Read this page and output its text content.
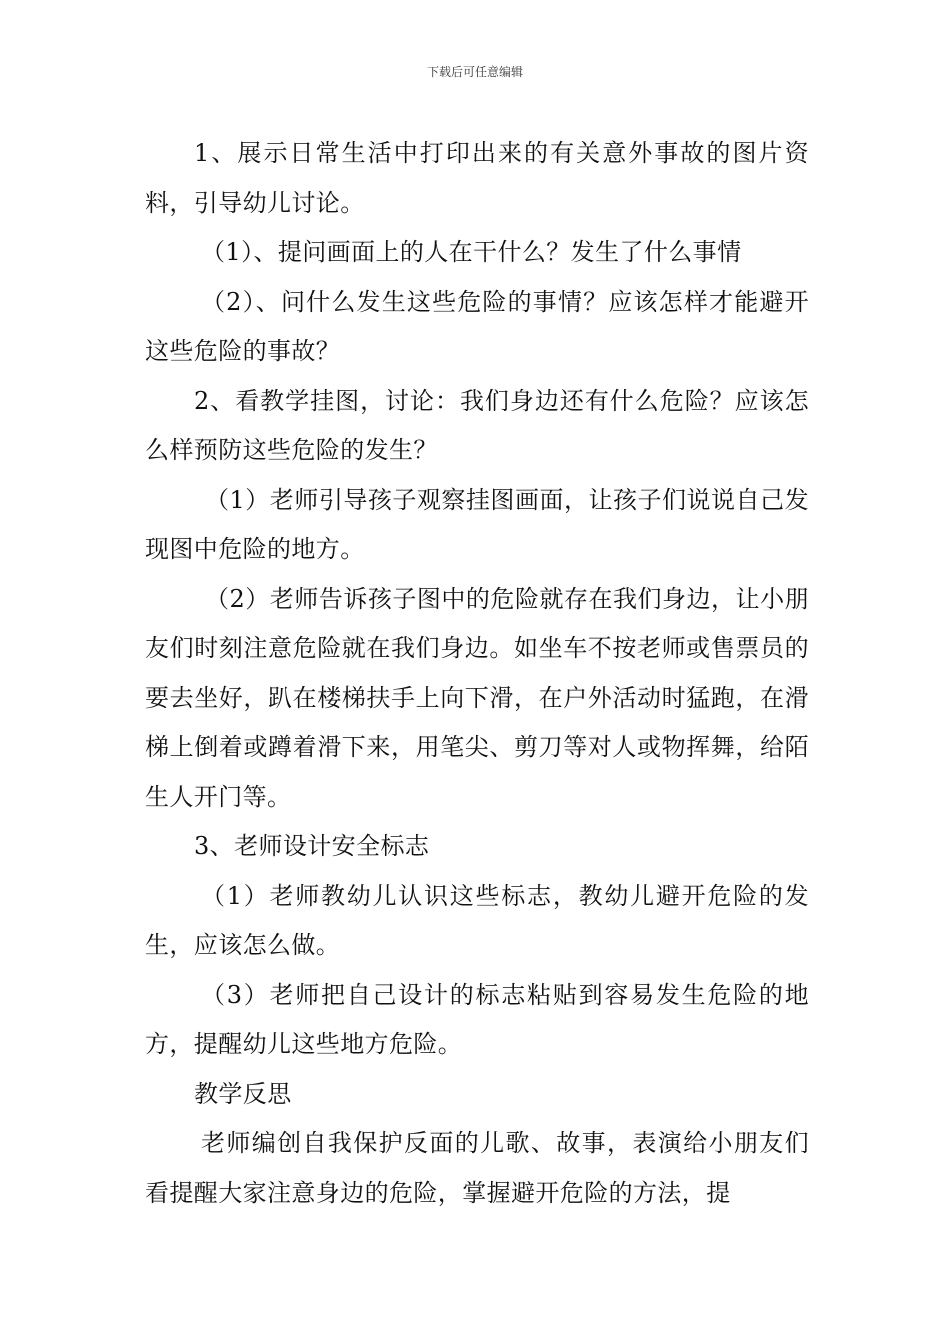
下载后可任意编辑

1、展示日常生活中打印出来的有关意外事故的图片资料，引导幼儿讨论。

（1）、提问画面上的人在干什么？发生了什么事情

（2）、问什么发生这些危险的事情？应该怎样才能避开这些危险的事故？

2、看教学挂图，讨论：我们身边还有什么危险？应该怎么样预防这些危险的发生？

（1）老师引导孩子观察挂图画面，让孩子们说说自己发现图中危险的地方。

（2）老师告诉孩子图中的危险就存在我们身边，让小朋友们时刻注意危险就在我们身边。如坐车不按老师或售票员的要去坐好，趴在楼梯扶手上向下滑，在户外活动时猛跑，在滑梯上倒着或蹲着滑下来，用笔尖、剪刀等对人或物挥舞，给陌生人开门等。

3、老师设计安全标志

（1）老师教幼儿认识这些标志，教幼儿避开危险的发生，应该怎么做。

（3）老师把自己设计的标志粘贴到容易发生危险的地方，提醒幼儿这些地方危险。

教学反思

老师编创自我保护反面的儿歌、故事，表演给小朋友们看提醒大家注意身边的危险，掌握避开危险的方法，提
